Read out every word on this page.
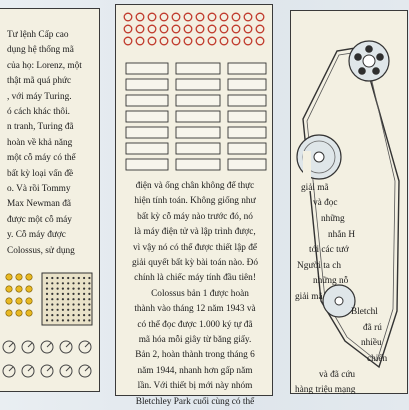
Tư lệnh Cấp cao
dụng hệ thống mã
của họ: Lorenz, một
thật mã quá phức
, với máy Turing.
ó cách khác thôi.
n tranh, Turing đã
hoàn về khả năng
một cỗ máy có thể
bất kỳ loại vấn đề
o. Và rồi Tommy
Max Newman đã
được một cỗ máy
y. Cỗ máy được
Colossus, sử dụng
điện và ống chân không để thực
hiện tính toán. Không giống như
bất kỳ cỗ máy nào trước đó, nó
là máy điện tử và lập trình được,
vì vậy nó có thể được thiết lập để
giải quyết bất kỳ bài toán nào. Đó
chính là chiếc máy tính đầu tiên!
Colossus bản 1 được hoàn
thành vào tháng 12 năm 1943 và
có thể đọc được 1.000 ký tự đã
mã hóa mỗi giây từ băng giấy.
Bản 2, hoàn thành trong tháng 6
năm 1944, nhanh hơn gấp năm
lần. Với thiết bị mới này nhóm
Bletchley Park cuối cùng có thể
giải mã
và đọc
những
nhắn H
tới các tướ
Người ta ch
những nỗ
giải mã
Bletchl
đã rú
nhiều
chiến
và đã cứu
hàng triệu mạng
